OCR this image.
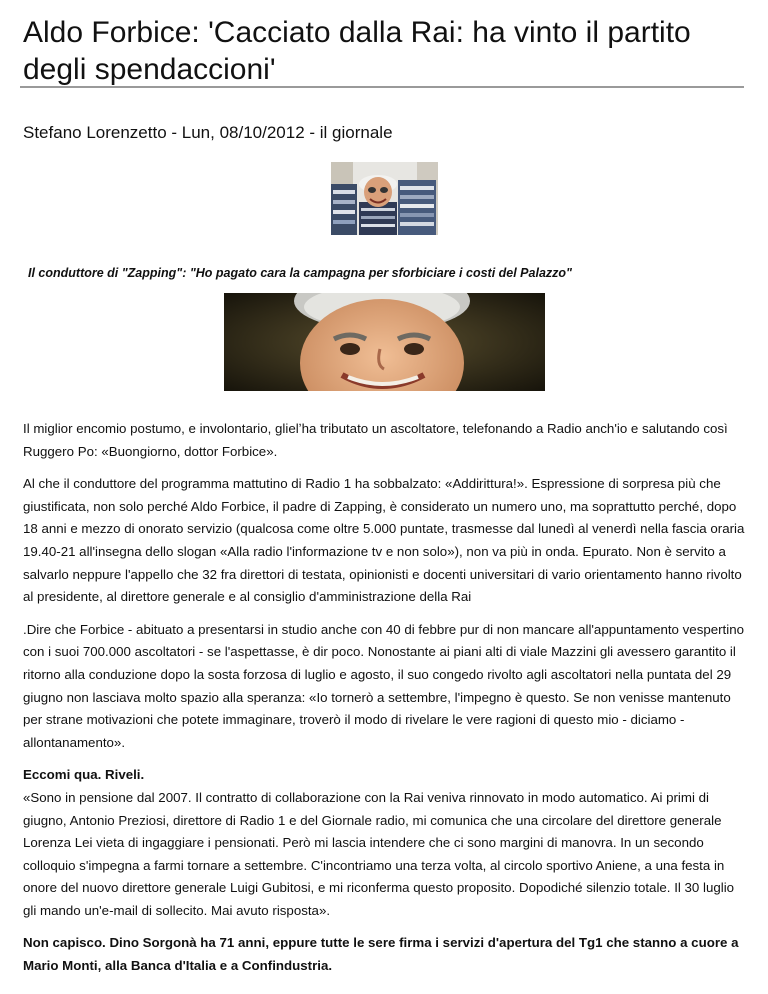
Aldo Forbice: 'Cacciato dalla Rai: ha vinto il partito degli spendaccioni'
Stefano Lorenzetto - Lun, 08/10/2012 - il giornale
Il conduttore di "Zapping": "Ho pagato cara la campagna per sforbiciare i costi del Palazzo"

Il miglior encomio postumo, e involontario, glielʼha tributato un ascoltatore, telefonando a Radio anch'io e salutando così Ruggero Po: «Buongiorno, dottor Forbice».

Al che il conduttore del programma mattutino di Radio 1 ha sobbalzato: «Addirittura!». Espressione di sorpresa più che giustificata, non solo perché Aldo Forbice, il padre di Zapping, è considerato un numero uno, ma soprattutto perché, dopo 18 anni e mezzo di onorato servizio (qualcosa come oltre 5.000 puntate, trasmesse dal lunedì al venerdì nella fascia oraria 19.40-21 all'insegna dello slogan «Alla radio l'informazione tv e non solo»), non va più in onda. Epurato. Non è servito a salvarlo neppure l'appello che 32 fra direttori di testata, opinionisti e docenti universitari di vario orientamento hanno rivolto al presidente, al direttore generale e al consiglio d'amministrazione della Rai

.Dire che Forbice - abituato a presentarsi in studio anche con 40 di febbre pur di non mancare all'appuntamento vespertino con i suoi 700.000 ascoltatori - se l'aspettasse, è dir poco. Nonostante ai piani alti di viale Mazzini gli avessero garantito il ritorno alla conduzione dopo la sosta forzosa di luglio e agosto, il suo congedo rivolto agli ascoltatori nella puntata del 29 giugno non lasciava molto spazio alla speranza: «Io tornerò a settembre, l'impegno è questo. Se non venisse mantenuto per strane motivazioni che potete immaginare, troverò il modo di rivelare le vere ragioni di questo mio - diciamo - allontanamento».

Eccomi qua. Riveli.

«Sono in pensione dal 2007. Il contratto di collaborazione con la Rai veniva rinnovato in modo automatico. Ai primi di giugno, Antonio Preziosi, direttore di Radio 1 e del Giornale radio, mi comunica che una circolare del direttore generale Lorenza Lei vieta di ingaggiare i pensionati. Però mi lascia intendere che ci sono margini di manovra. In un secondo colloquio s'impegna a farmi tornare a settembre. C'incontriamo una terza volta, al circolo sportivo Aniene, a una festa in onore del nuovo direttore generale Luigi Gubitosi, e mi riconferma questo proposito. Dopodiché silenzio totale. Il 30 luglio gli mando un'e-mail di sollecito. Mai avuto risposta».

Non capisco. Dino Sorgonà ha 71 anni, eppure tutte le sere firma i servizi d'apertura del Tg1 che stanno a cuore a Mario Monti, alla Banca d'Italia e a Confindustria.
